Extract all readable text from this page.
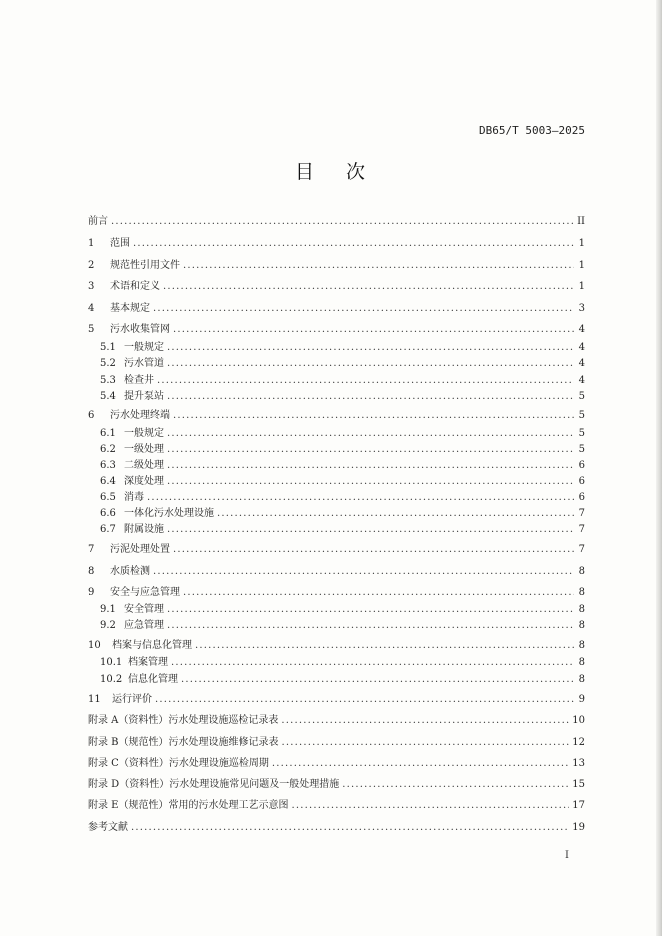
DB65/T 5003—2025
目 次
前言 .....	II
1	范围 .....	1
2	规范性引用文件 .....	1
3	术语和定义 .....	1
4	基本规定 .....	3
5	污水收集管网 .....	4
5.1 一般规定 .....	4
5.2 污水管道 .....	4
5.3 检查井 .....	4
5.4 提升泵站 .....	5
6	污水处理终端 .....	5
6.1 一般规定 .....	5
6.2 一级处理 .....	5
6.3 二级处理 .....	6
6.4 深度处理 .....	6
6.5 消毒 .....	6
6.6 一体化污水处理设施 .....	7
6.7 附属设施 .....	7
7	污泥处理处置 .....	7
8	水质检测 .....	8
9	安全与应急管理 .....	8
9.1 安全管理 .....	8
9.2 应急管理 .....	8
10	档案与信息化管理 .....	8
10.1 档案管理 .....	8
10.2 信息化管理 .....	8
11	运行评价 .....	9
附录 A（资料性） 污水处理设施巡检记录表 .....	10
附录 B（规范性） 污水处理设施维修记录表 .....	12
附录 C（资料性） 污水处理设施巡检周期 .....	13
附录 D（资料性） 污水处理设施常见问题及一般处理措施 .....	15
附录 E（规范性） 常用的污水处理工艺示意图 .....	17
参考文献 .....	19
I
